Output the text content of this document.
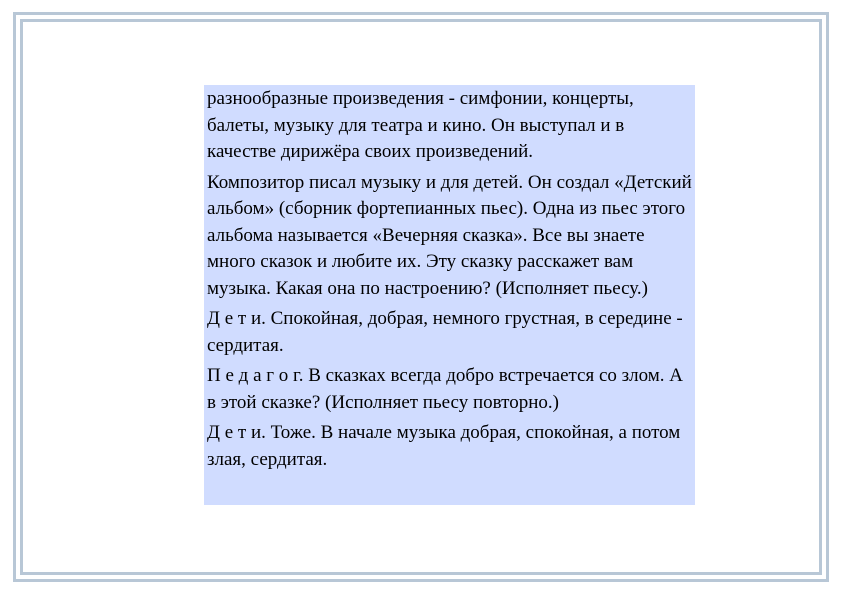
разнообразные произведения - симфонии, концерты, балеты, музыку для театра и кино. Он выступал и в качестве дирижёра своих произведений.

Композитор писал музыку и для детей. Он создал «Детский альбом» (сборник фортепианных пьес). Одна из пьес этого альбома называется «Вечерняя сказка». Все вы знаете много сказок и любите их. Эту сказку расскажет вам музыка. Какая она по настроению? (Исполняет пьесу.)

Д е т и. Спокойная, добрая, немного грустная, в середине - сердитая.

П е д а г о г. В сказках всегда добро встречается со злом. А в этой сказке? (Исполняет пьесу повторно.)

Д е т и. Тоже. В начале музыка добрая, спокойная, а потом злая, сердитая.
